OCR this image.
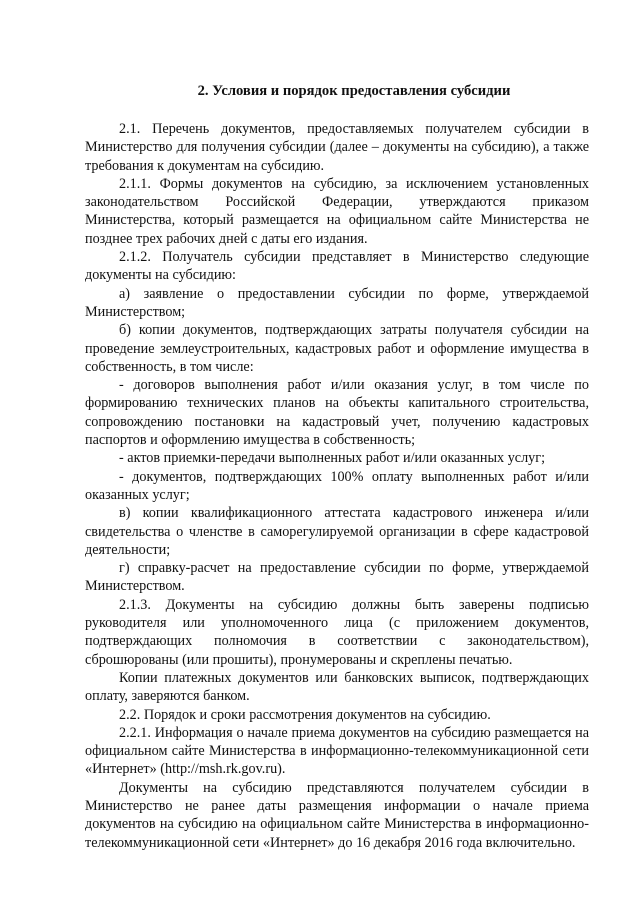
2. Условия и порядок предоставления субсидии

2.1. Перечень документов, предоставляемых получателем субсидии в Министерство для получения субсидии (далее – документы на субсидию), а также требования к документам на субсидию.

2.1.1. Формы документов на субсидию, за исключением установленных законодательством Российской Федерации, утверждаются приказом Министерства, который размещается на официальном сайте Министерства не позднее трех рабочих дней с даты его издания.

2.1.2. Получатель субсидии представляет в Министерство следующие документы на субсидию:

а) заявление о предоставлении субсидии по форме, утверждаемой Министерством;

б) копии документов, подтверждающих затраты получателя субсидии на проведение землеустроительных, кадастровых работ и оформление имущества в собственность, в том числе:

- договоров выполнения работ и/или оказания услуг, в том числе по формированию технических планов на объекты капитального строительства, сопровождению постановки на кадастровый учет, получению кадастровых паспортов и оформлению имущества в собственность;

- актов приемки-передачи выполненных работ и/или оказанных услуг;

- документов, подтверждающих 100% оплату выполненных работ и/или оказанных услуг;

в) копии квалификационного аттестата кадастрового инженера и/или свидетельства о членстве в саморегулируемой организации в сфере кадастровой деятельности;

г) справку-расчет на предоставление субсидии по форме, утверждаемой Министерством.

2.1.3. Документы на субсидию должны быть заверены подписью руководителя или уполномоченного лица (с приложением документов, подтверждающих полномочия в соответствии с законодательством), сброшюрованы (или прошиты), пронумерованы и скреплены печатью.

Копии платежных документов или банковских выписок, подтверждающих оплату, заверяются банком.

2.2. Порядок и сроки рассмотрения документов на субсидию.

2.2.1. Информация о начале приема документов на субсидию размещается на официальном сайте Министерства в информационно-телекоммуникационной сети «Интернет» (http://msh.rk.gov.ru).

Документы на субсидию представляются получателем субсидии в Министерство не ранее даты размещения информации о начале приема документов на субсидию на официальном сайте Министерства в информационно-телекоммуникационной сети «Интернет» до 16 декабря 2016 года включительно.
